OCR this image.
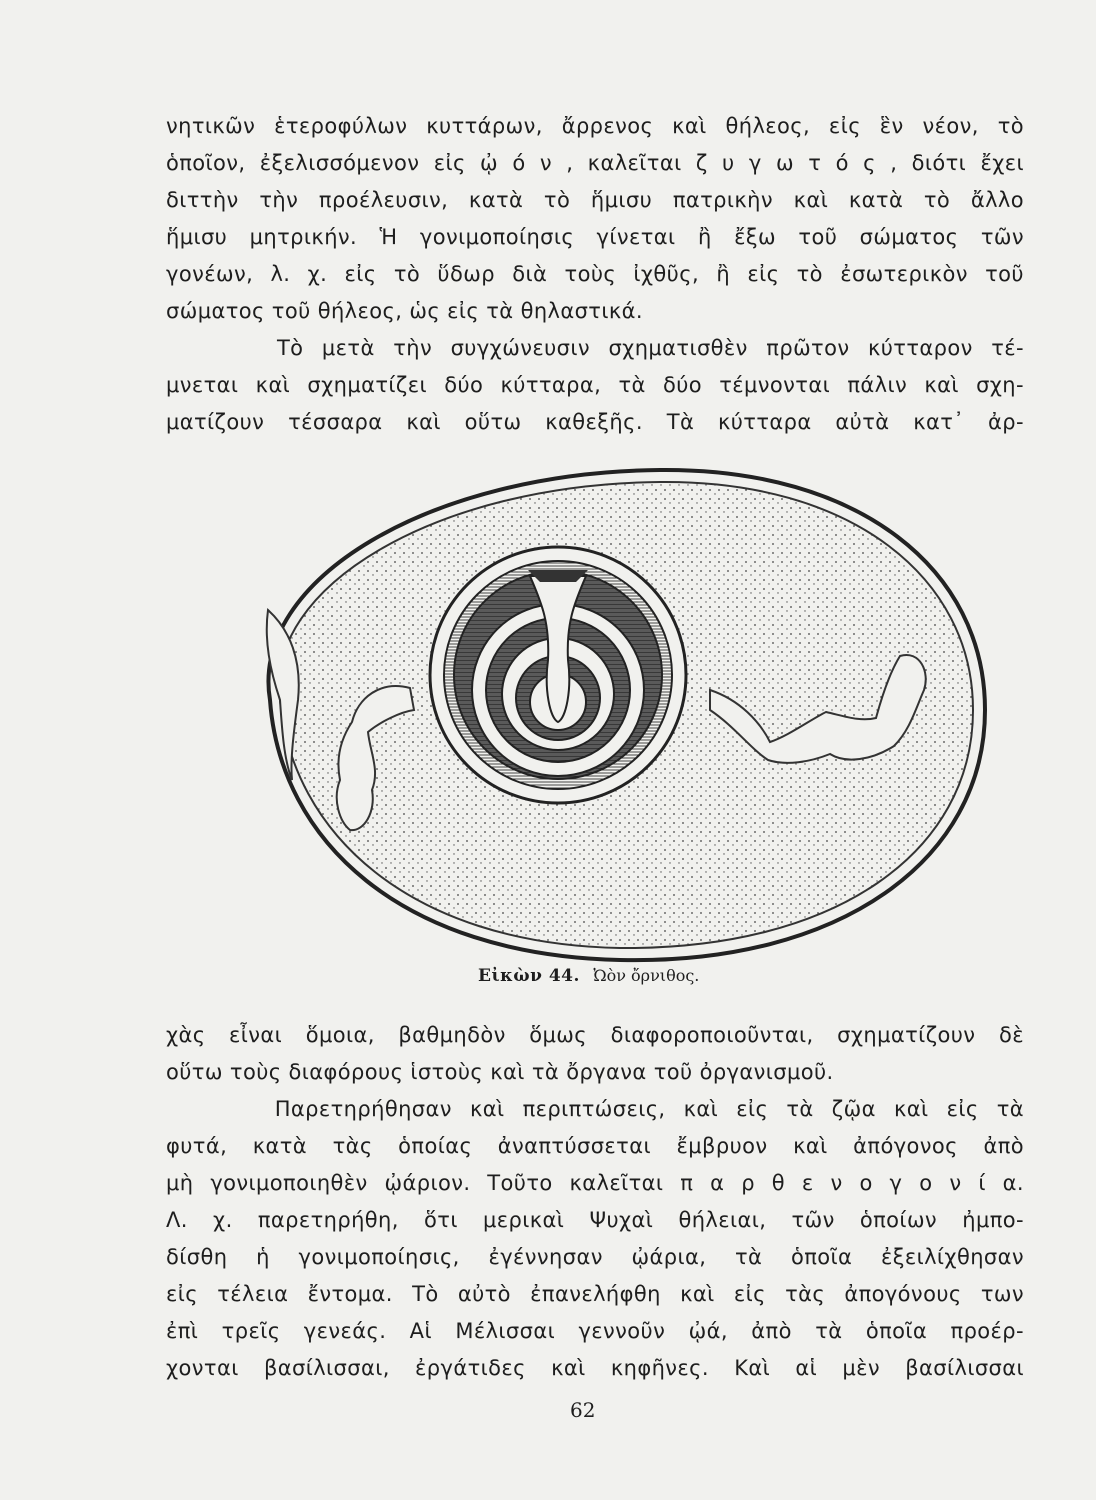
νητικῶν ἑτεροφύλων κυττάρων, ἄρρενος καὶ θήλεος, εἰς ἓν νέον, τὸ
ὁποῖον, ἐξελισσόμενον εἰς ᾠ ό ν , καλεῖται ζ υ γ ω τ ό ς , διότι ἔχει
διττὴν τὴν προέλευσιν, κατὰ τὸ ἥμισυ πατρικὴν καὶ κατὰ τὸ ἄλλο
ἥμισυ μητρικήν. Ἡ γονιμοποίησις γίνεται ἢ ἔξω τοῦ σώματος τῶν
γονέων, λ. χ. εἰς τὸ ὕδωρ διὰ τοὺς ἰχθῦς, ἢ εἰς τὸ ἐσωτερικὸν τοῦ
σώματος τοῦ θήλεος, ὡς εἰς τὰ θηλαστικά.
Τὸ μετὰ τὴν συγχώνευσιν σχηματισθὲν πρῶτον κύτταρον τέ-
μνεται καὶ σχηματίζει δύο κύτταρα, τὰ δύο τέμνονται πάλιν καὶ σχη-
ματίζουν τέσσαρα καὶ οὕτω καθεξῆς. Τὰ κύτταρα αὐτὰ κατ᾽ ἀρ-
Εἰκὼν 44. Ὠὸν ὄρνιθος.
χὰς εἶναι ὅμοια, βαθμηδὸν ὅμως διαφοροποιοῦνται, σχηματίζουν δὲ
οὕτω τοὺς διαφόρους ἱστοὺς καὶ τὰ ὄργανα τοῦ ὀργανισμοῦ.
Παρετηρήθησαν καὶ περιπτώσεις, καὶ εἰς τὰ ζῷα καὶ εἰς τὰ
φυτά, κατὰ τὰς ὁποίας ἀναπτύσσεται ἔμβρυον καὶ ἀπόγονος ἀπὸ
μὴ γονιμοποιηθὲν ᾠάριον. Τοῦτο καλεῖται π α ρ θ ε ν ο γ ο ν ί α.
Λ. χ. παρετηρήθη, ὅτι μερικαὶ Ψυχαὶ θήλειαι, τῶν ὁποίων ἠμπο-
δίσθη ἡ γονιμοποίησις, ἐγέννησαν ᾠάρια, τὰ ὁποῖα ἐξειλίχθησαν
εἰς τέλεια ἔντομα. Τὸ αὐτὸ ἐπανελήφθη καὶ εἰς τὰς ἀπογόνους των
ἐπὶ τρεῖς γενεάς. Αἱ Μέλισσαι γεννοῦν ᾠά, ἀπὸ τὰ ὁποῖα προέρ-
χονται βασίλισσαι, ἐργάτιδες καὶ κηφῆνες. Καὶ αἱ μὲν βασίλισσαι
62
